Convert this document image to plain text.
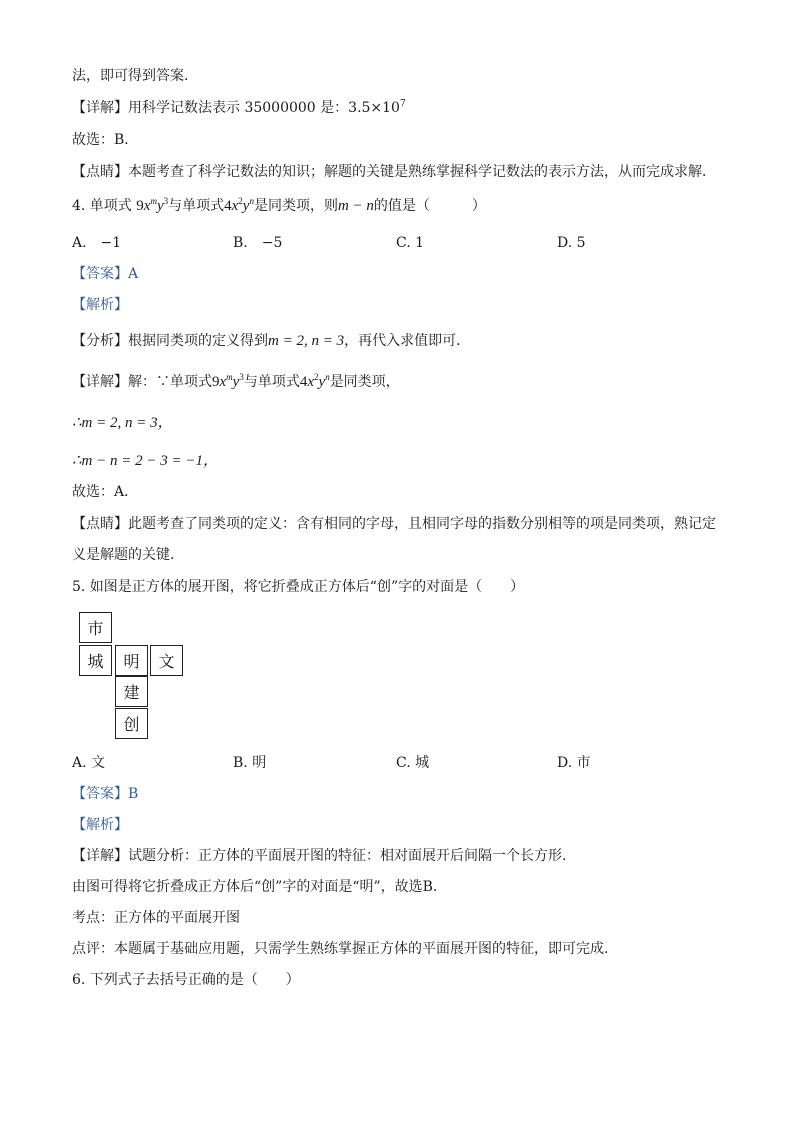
法，即可得到答案．
【详解】用科学记数法表示 35000000 是：$3.5\times 10^7$
故选：B．
【点睛】本题考查了科学记数法的知识；解题的关键是熟练掌握科学记数法的表示方法，从而完成求解．
4. 单项式 $9x^my^3$与单项式$4x^2y^n$是同类项，则m − n的值是（　　　）
A.　−1	B.　−5	C. 1	D. 5
【答案】A
【解析】
【分析】根据同类项的定义得到m = 2, n = 3，再代入求值即可．
【详解】解：∵单项式$9x^my^3$与单项式$4x^2y^n$是同类项，
∴m = 2, n = 3，
∴m − n = 2 − 3 = −1，
故选：A．
【点睛】此题考查了同类项的定义：含有相同的字母，且相同字母的指数分别相等的项是同类项，熟记定
义是解题的关键．
5. 如图是正方体的展开图，将它折叠成正方体后“创”字的对面是（　　）
市
城	明	文
建
创
A. 文	B. 明	C. 城	D. 市
【答案】B
【解析】
【详解】试题分析：正方体的平面展开图的特征：相对面展开后间隔一个长方形.
由图可得将它折叠成正方体后“创”字的对面是“明”，故选B.
考点：正方体的平面展开图
点评：本题属于基础应用题，只需学生熟练掌握正方体的平面展开图的特征，即可完成.
6. 下列式子去括号正确的是（　　）
